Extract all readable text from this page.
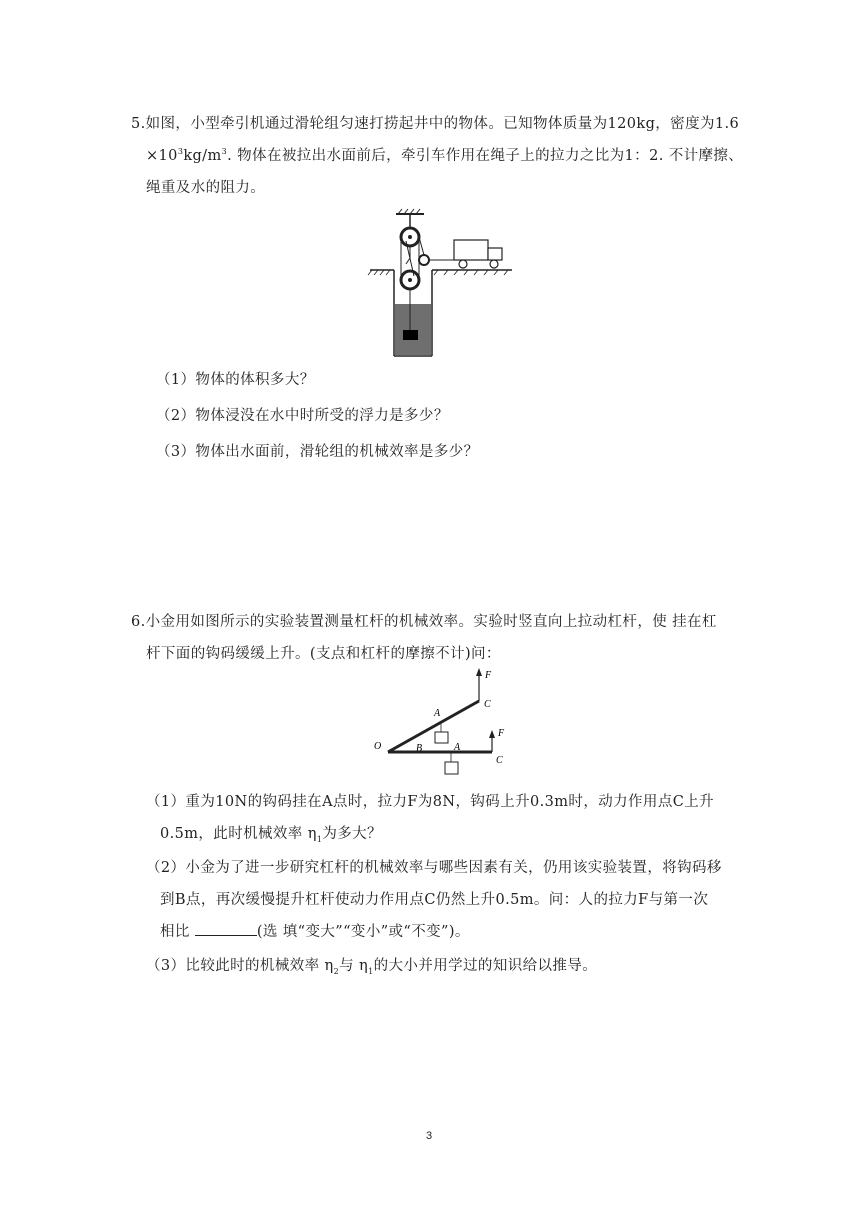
5.如图，小型牵引机通过滑轮组匀速打捞起井中的物体。已知物体质量为120kg，密度为1.6
$\times 10^3kg/m^3$. 物体在被拉出水面前后，牵引车作用在绳子上的拉力之比为1：2. 不计摩擦、
绳重及水的阻力。
（1）物体的体积多大？
（2）物体浸没在水中时所受的浮力是多少？
（3）物体出水面前，滑轮组的机械效率是多少？
6.小金用如图所示的实验装置测量杠杆的机械效率。实验时竖直向上拉动杠杆，使 挂在杠
杆下面的钩码缓缓上升。(支点和杠杆的摩擦不计)问：
F
C
A
O	B	A
F
C
（1）重为10N的钩码挂在A点时，拉力F为8N，钩码上升0.3m时，动力作用点C上升
0.5m，此时机械效率 $\eta_1$为多大？
（2）小金为了进一步研究杠杆的机械效率与哪些因素有关，仍用该实验装置，将钩码移
到B点，再次缓慢提升杠杆使动力作用点C仍然上升0.5m。问：人的拉力F与第一次
相比	(选 填“变大”“变小”或“不变”)。
（3）比较此时的机械效率 $\eta_2$与 $\eta_1$的大小并用学过的知识给以推导。
3
